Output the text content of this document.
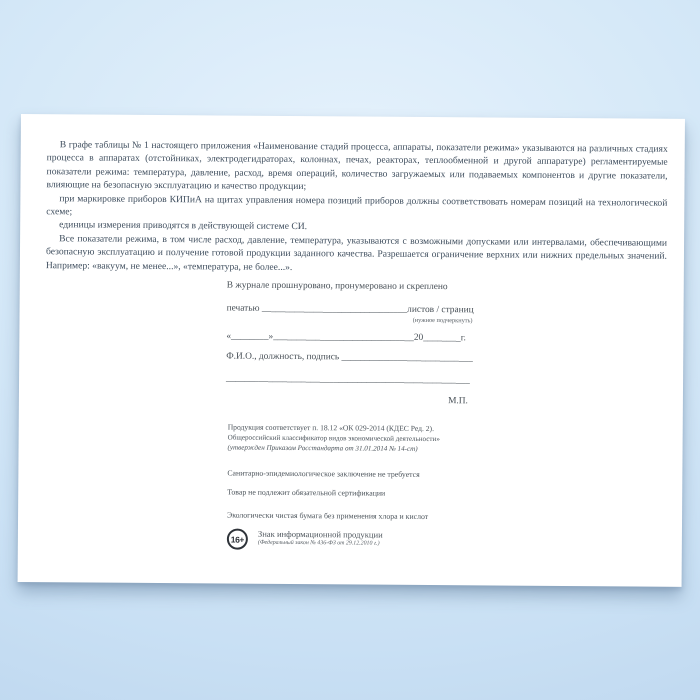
В графе таблицы № 1 настоящего приложения «Наименование стадий процесса, аппараты, показатели режима» указываются на различных стадиях процесса в аппаратах (отстойниках, электродегидраторах, колоннах, печах, реакторах, теплообменной и другой аппаратуре) регламентируемые показатели режима: температура, давление, расход, время операций, количество загружаемых или подаваемых компонентов и другие показатели, влияющие на безопасную эксплуатацию и качество продукции;

при маркировке приборов КИПиА на щитах управления номера позиций приборов должны соответствовать номерам позиций на технологической схеме;

единицы измерения приводятся в действующей системе СИ.

Все показатели режима, в том числе расход, давление, температура, указываются с возможными допусками или интервалами, обеспечивающими безопасную эксплуатацию и получение готовой продукции заданного качества. Разрешается ограничение верхних или нижних предельных значений. Например: «вакуум, не менее...», «температура, не более...».

В журнале прошнуровано, пронумеровано и скреплено
печатью _______________________________листов / страниц
(нужное подчеркнуть)
«________»______________________________20________г.
Ф.И.О., должность, подпись ____________________________
____________________________________________________
М.П.
Продукция соответствует п. 18.12 «ОК 029-2014 (КДЕС Ред. 2).
Общероссийский классификатор видов экономической деятельности»
(утвержден Приказом Росстандарта от 31.01.2014 № 14-ст)
Санитарно-эпидемиологическое заключение не требуется
Товар не подлежит обязательной сертификации
Экологически чистая бумага без применения хлора и кислот
16+	Знак информационной продукции
(Федеральный закон № 436-ФЗ от 29.12.2010 г.)
